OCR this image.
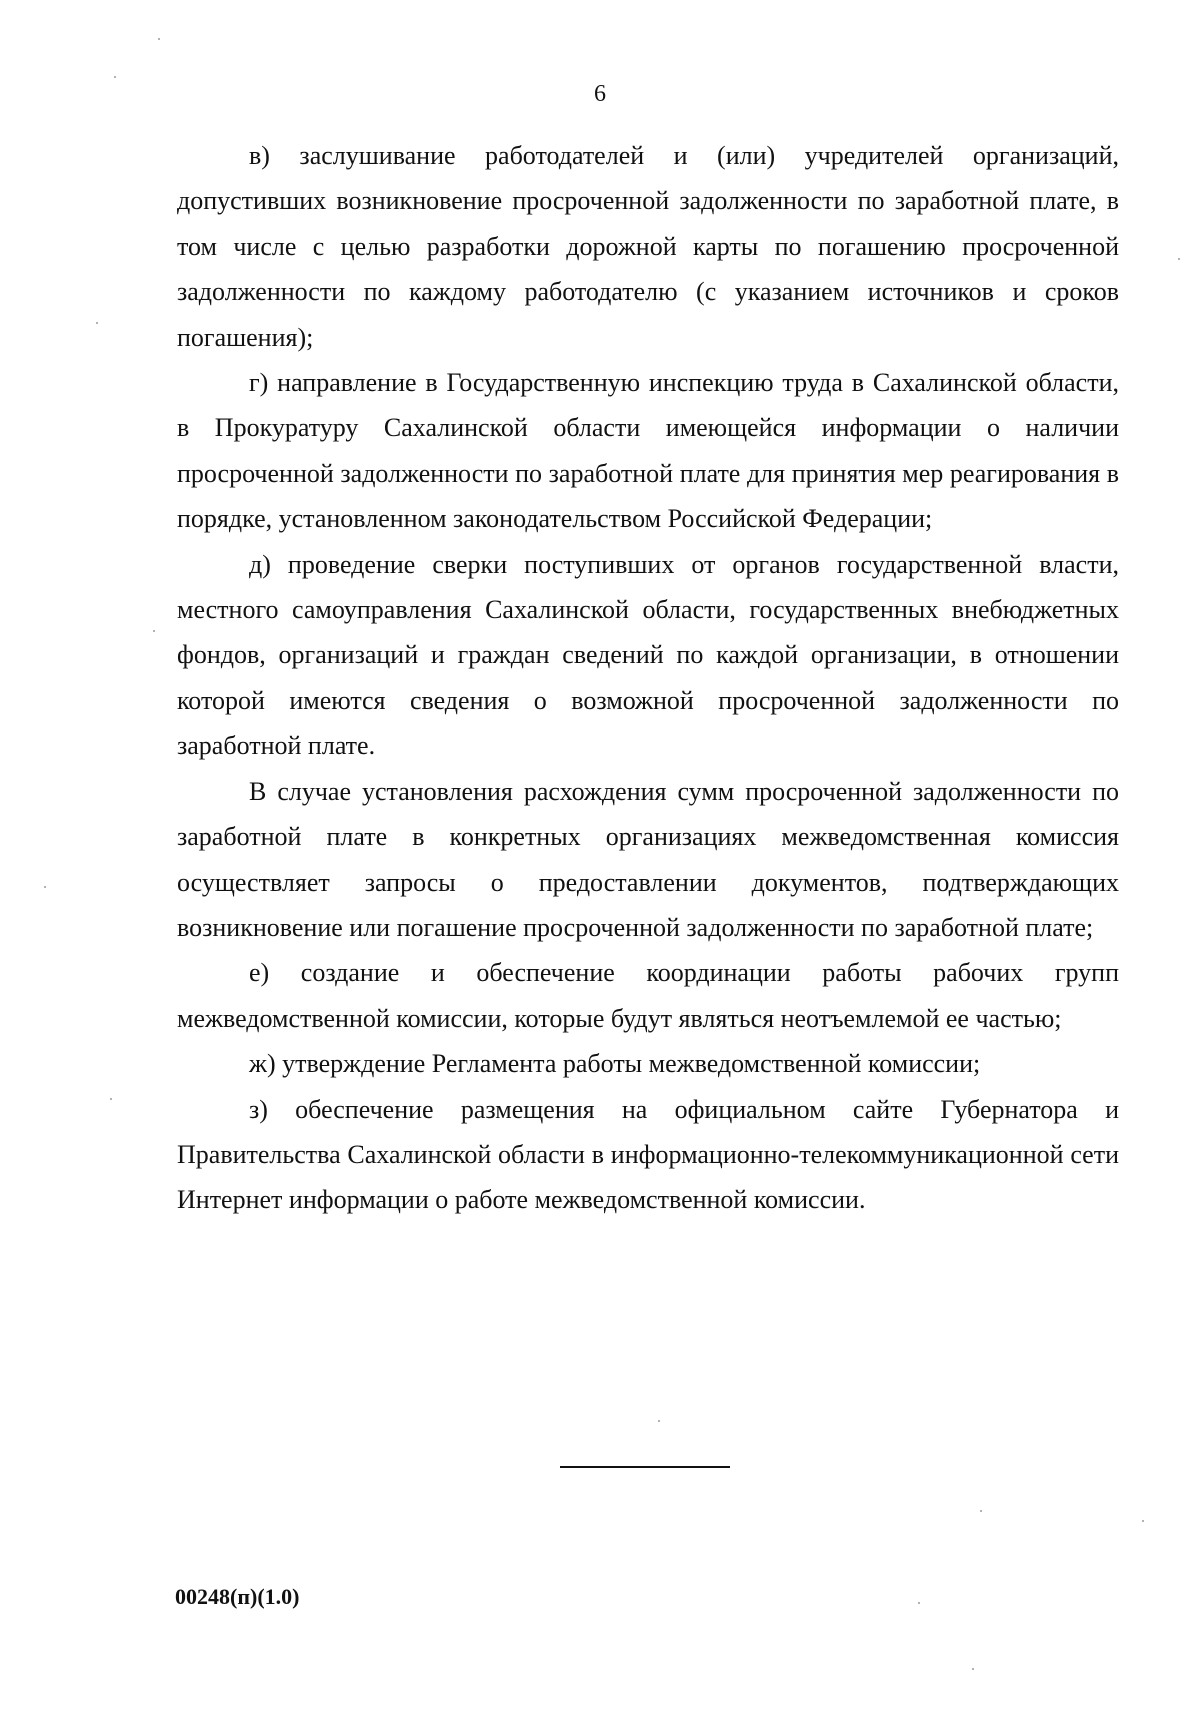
6

в) заслушивание работодателей и (или) учредителей организаций, допустивших возникновение просроченной задолженности по заработной плате, в том числе с целью разработки дорожной карты по погашению просроченной задолженности по каждому работодателю (с указанием источников и сроков погашения);

г) направление в Государственную инспекцию труда в Сахалинской области, в Прокуратуру Сахалинской области имеющейся информации о наличии просроченной задолженности по заработной плате для принятия мер реагирования в порядке, установленном законодательством Российской Федерации;

д) проведение сверки поступивших от органов государственной власти, местного самоуправления Сахалинской области, государственных внебюджетных фондов, организаций и граждан сведений по каждой организации, в отношении которой имеются сведения о возможной просроченной задолженности по заработной плате.

В случае установления расхождения сумм просроченной задолженности по заработной плате в конкретных организациях межведомственная комиссия осуществляет запросы о предоставлении документов, подтверждающих возникновение или погашение просроченной задолженности по заработной плате;

е) создание и обеспечение координации работы рабочих групп межведомственной комиссии, которые будут являться неотъемлемой ее частью;

ж) утверждение Регламента работы межведомственной комиссии;

з) обеспечение размещения на официальном сайте Губернатора и Правительства Сахалинской области в информационно-телекоммуникационной сети Интернет информации о работе межведомственной комиссии.

00248(п)(1.0)
